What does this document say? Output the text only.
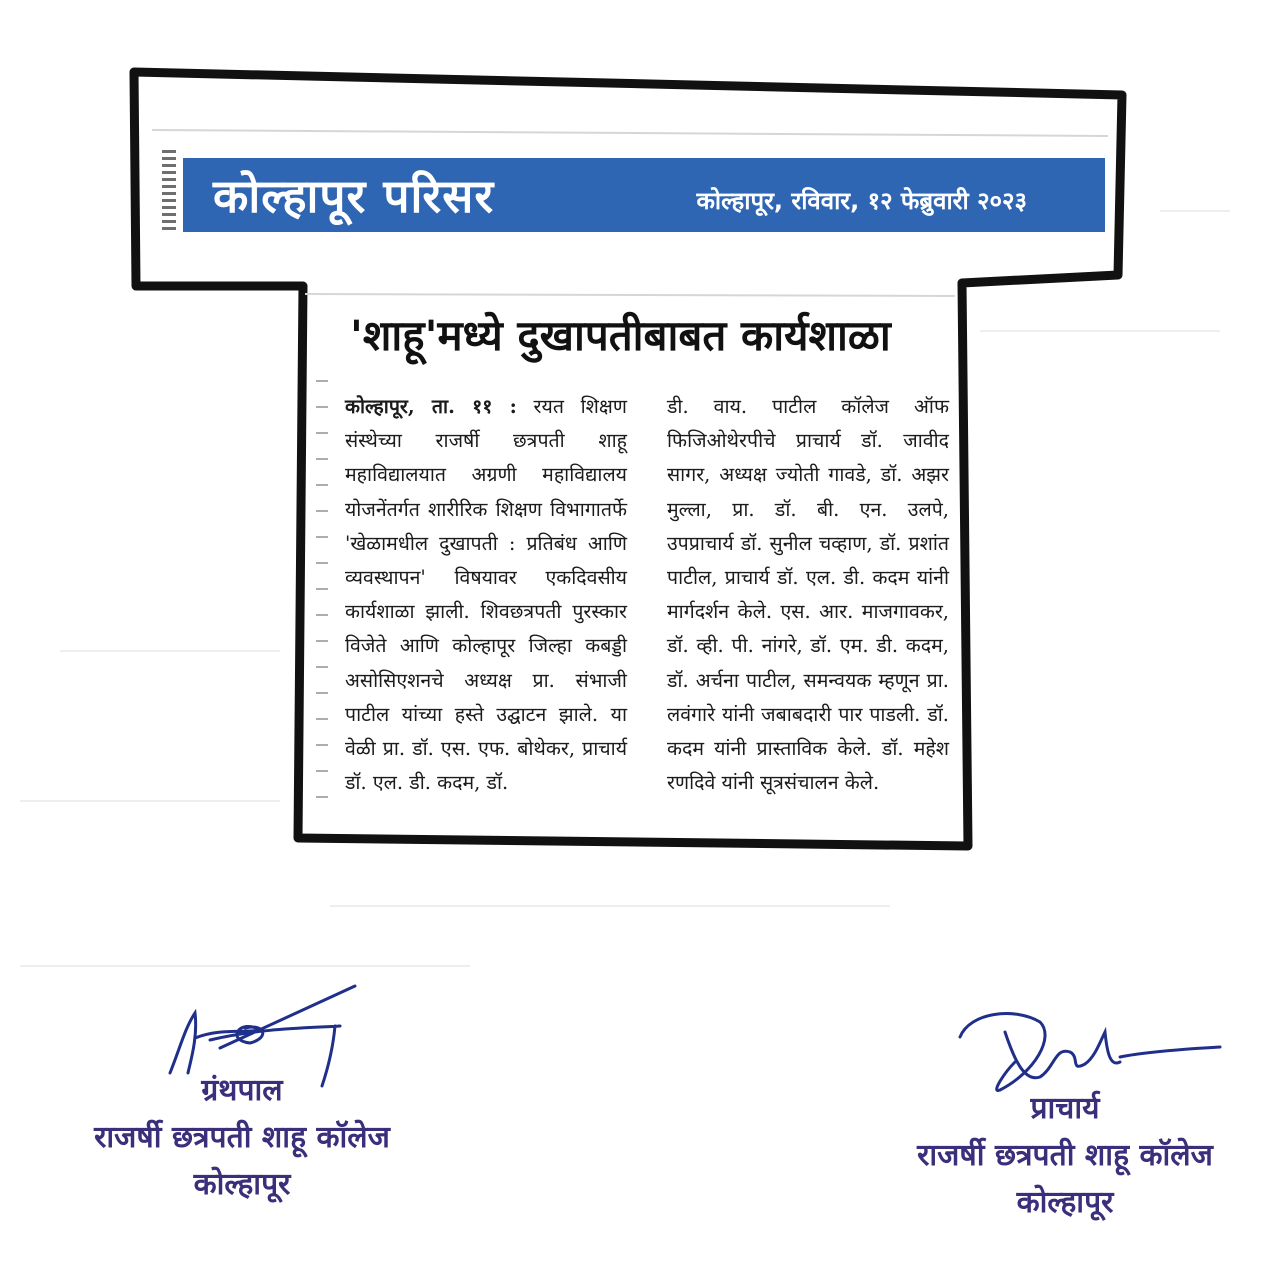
कोल्हापूर परिसर	कोल्हापूर, रविवार, १२ फेब्रुवारी २०२३
'शाहू'मध्ये दुखापतीबाबत कार्यशाळा

कोल्हापूर, ता. ११ : रयत शिक्षण संस्थेच्या राजर्षी छत्रपती शाहू महाविद्यालयात अग्रणी महाविद्यालय योजनेंतर्गत शारीरिक शिक्षण विभागातर्फे 'खेळामधील दुखापती : प्रतिबंध आणि व्यवस्थापन' विषयावर एकदिवसीय कार्यशाळा झाली. शिवछत्रपती पुरस्कार विजेते आणि कोल्हापूर जिल्हा कबड्डी असोसिएशनचे अध्यक्ष प्रा. संभाजी पाटील यांच्या हस्ते उद्घाटन झाले. या वेळी प्रा. डॉ. एस. एफ. बोथेकर, प्राचार्य डॉ. एल. डी. कदम, डॉ.

डी. वाय. पाटील कॉलेज ऑफ फिजिओथेरपीचे प्राचार्य डॉ. जावीद सागर, अध्यक्ष ज्योती गावडे, डॉ. अझर मुल्ला, प्रा. डॉ. बी. एन. उलपे, उपप्राचार्य डॉ. सुनील चव्हाण, डॉ. प्रशांत पाटील, प्राचार्य डॉ. एल. डी. कदम यांनी मार्गदर्शन केले. एस. आर. माजगावकर, डॉ. व्ही. पी. नांगरे, डॉ. एम. डी. कदम, डॉ. अर्चना पाटील, समन्वयक म्हणून प्रा. लवंगारे यांनी जबाबदारी पार पाडली. डॉ. कदम यांनी प्रास्ताविक केले. डॉ. महेश रणदिवे यांनी सूत्रसंचालन केले.

ग्रंथपाल
राजर्षी छत्रपती शाहू कॉलेज
कोल्हापूर
प्राचार्य
राजर्षी छत्रपती शाहू कॉलेज
कोल्हापूर
